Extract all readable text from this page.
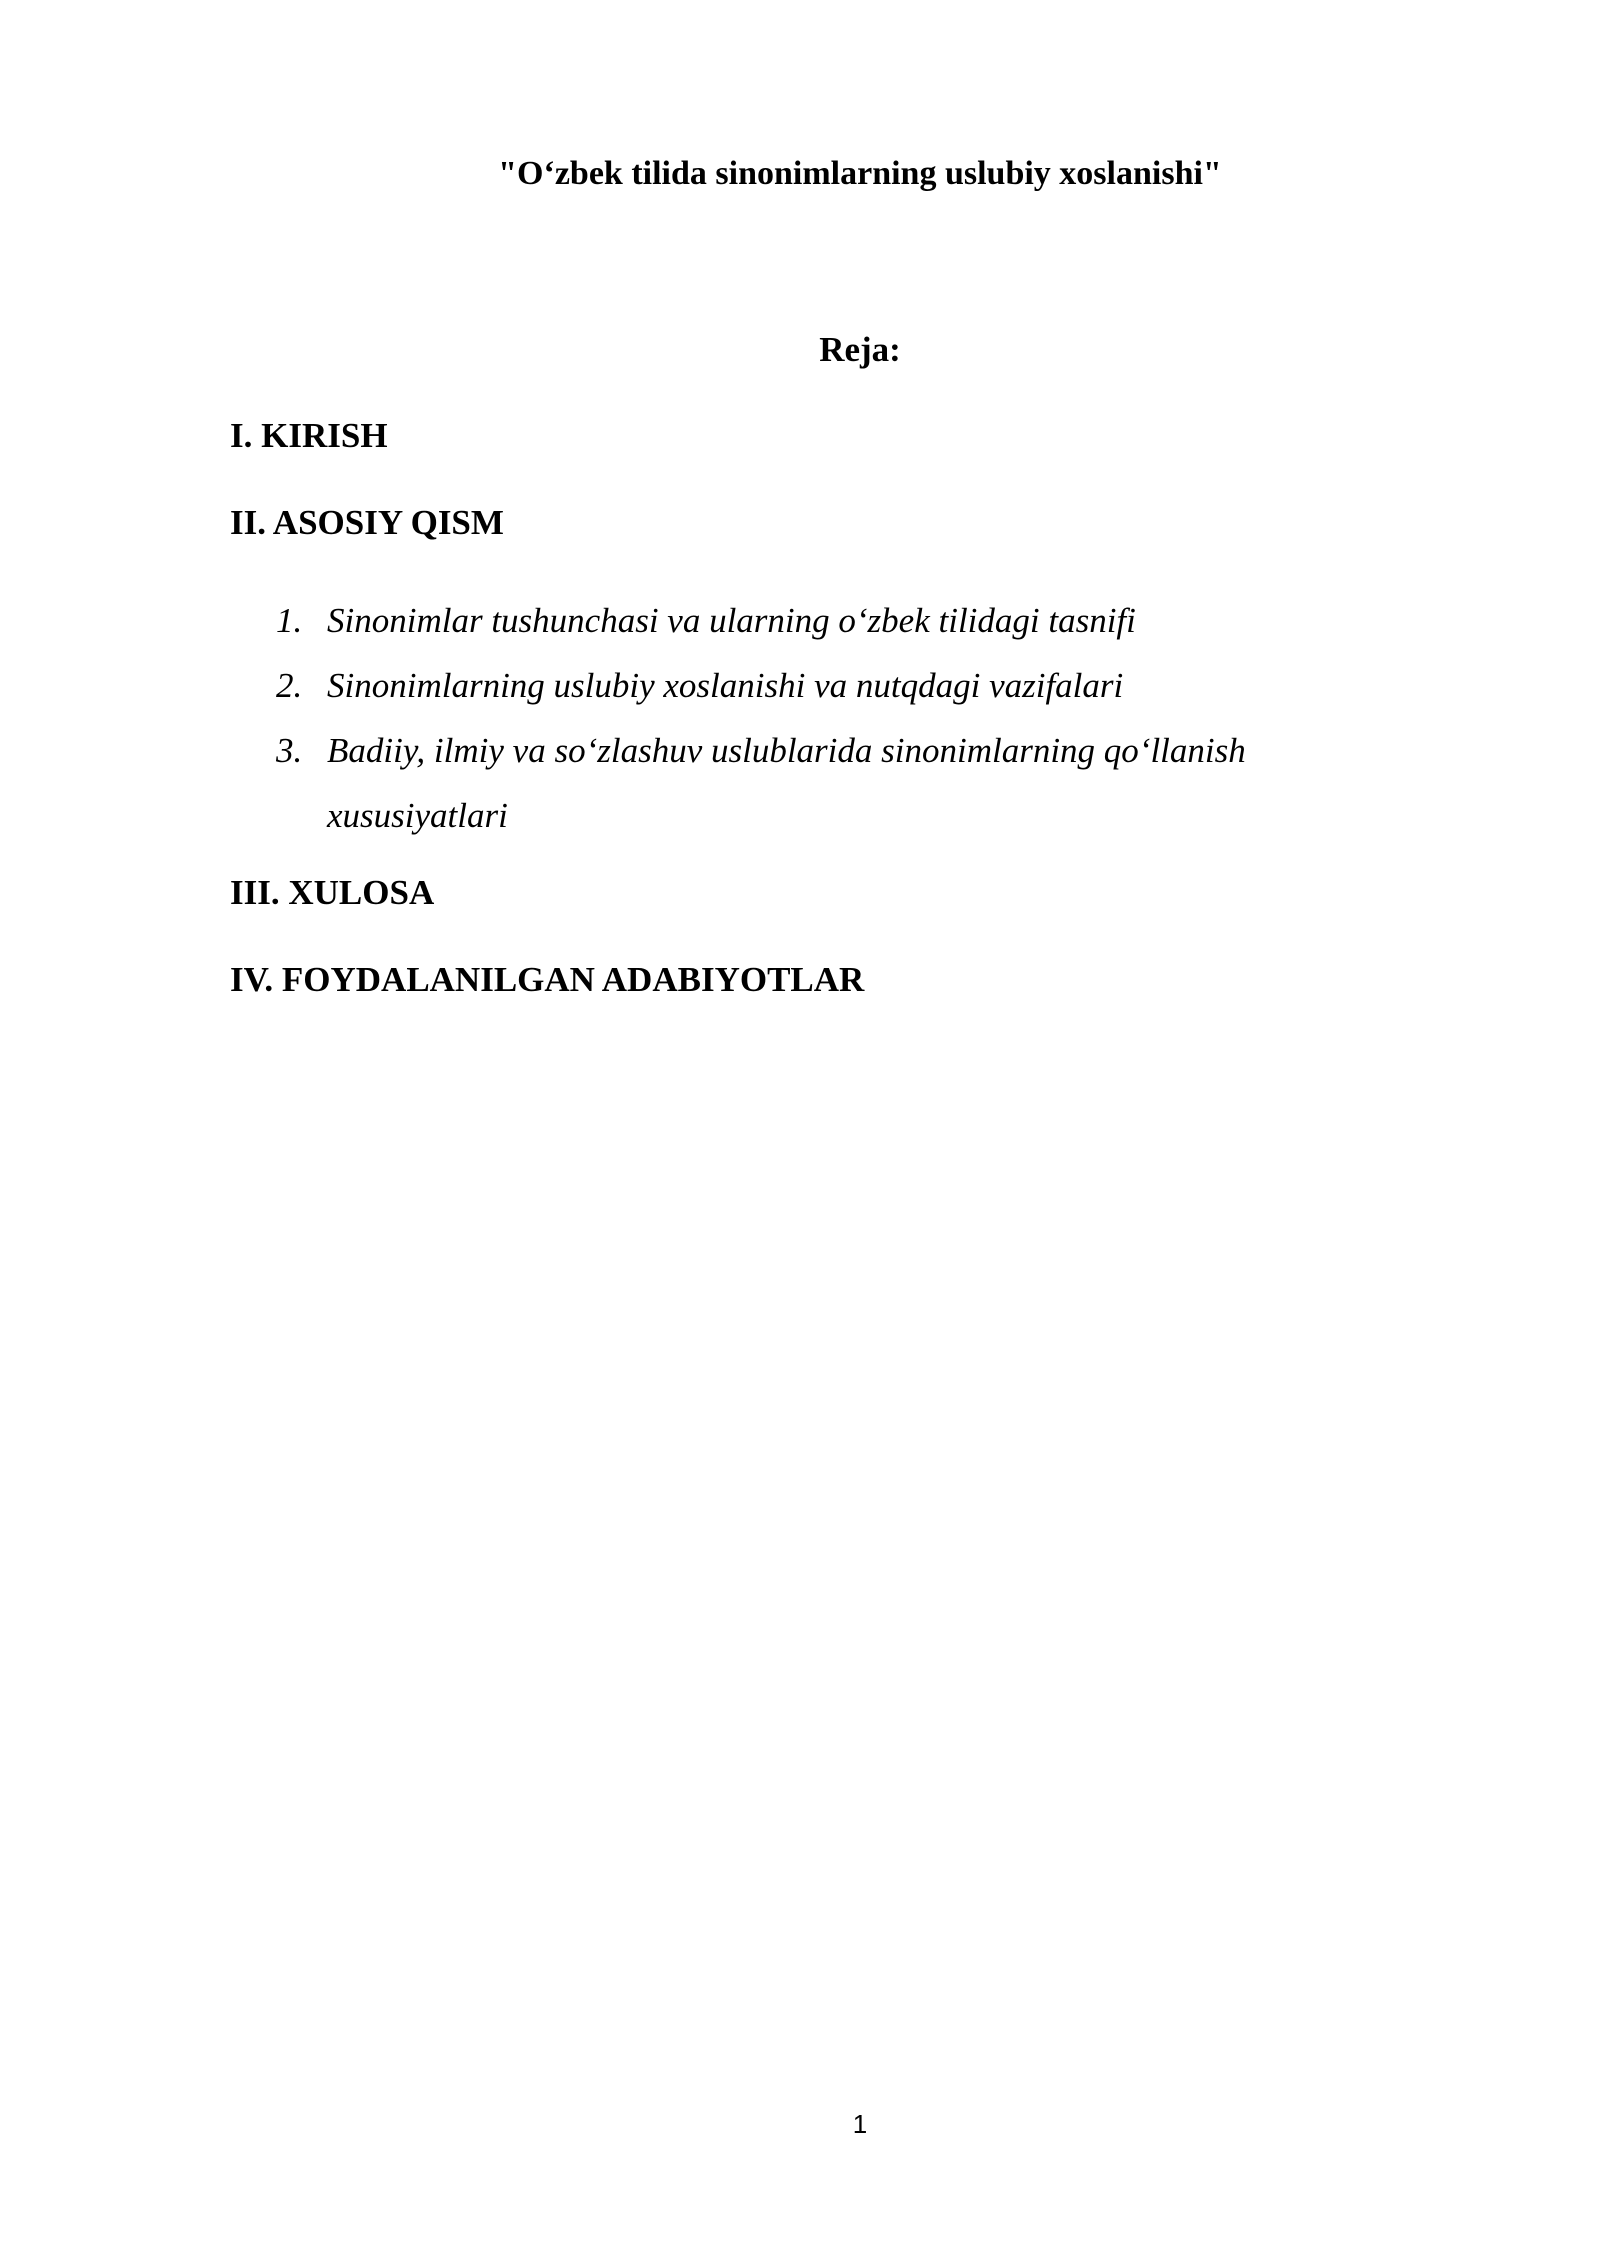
"O‘zbek tilida sinonimlarning uslubiy xoslanishi"
Reja:

I. KIRISH

II. ASOSIY QISM

1. Sinonimlar tushunchasi va ularning o‘zbek tilidagi tasnifi
2. Sinonimlarning uslubiy xoslanishi va nutqdagi vazifalari
3. Badiiy, ilmiy va so‘zlashuv uslublarida sinonimlarning qo‘llanish xususiyatlari

III. XULOSA

IV. FOYDALANILGAN ADABIYOTLAR

1
